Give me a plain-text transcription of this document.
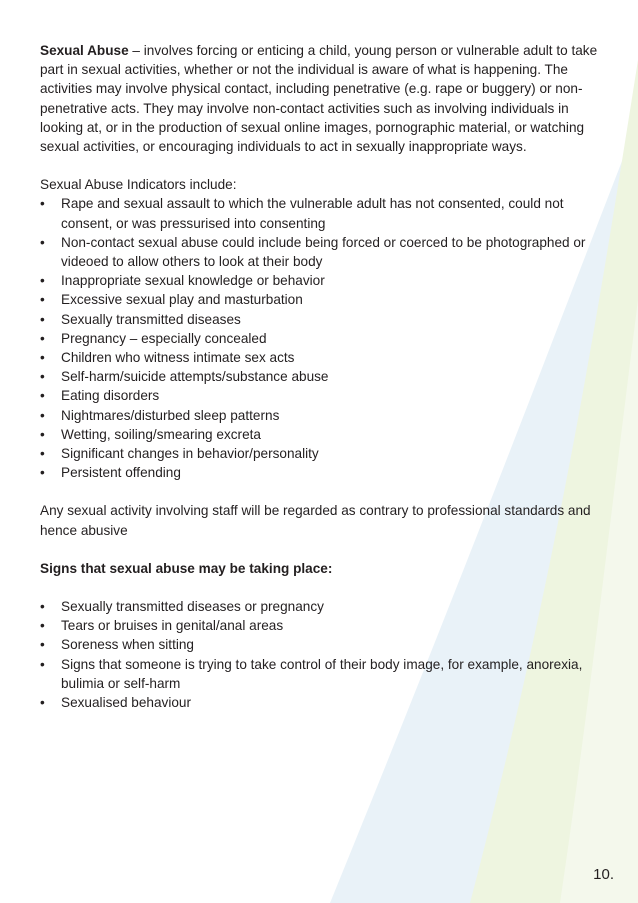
Sexual Abuse – involves forcing or enticing a child, young person or vulnerable adult to take part in sexual activities, whether or not the individual is aware of what is happening. The activities may involve physical contact, including penetrative (e.g. rape or buggery) or non-penetrative acts. They may involve non-contact activities such as involving individuals in looking at, or in the production of sexual online images, pornographic material, or watching sexual activities, or encouraging individuals to act in sexually inappropriate ways.

Sexual Abuse Indicators include:

•	Rape and sexual assault to which the vulnerable adult has not consented, could not consent, or was pressurised into consenting
•	Non-contact sexual abuse could include being forced or coerced to be photographed or videoed to allow others to look at their body
•	Inappropriate sexual knowledge or behavior
•	Excessive sexual play and masturbation
•	Sexually transmitted diseases
•	Pregnancy – especially concealed
•	Children who witness intimate sex acts
•	Self-harm/suicide attempts/substance abuse
•	Eating disorders
•	Nightmares/disturbed sleep patterns
•	Wetting, soiling/smearing excreta
•	Significant changes in behavior/personality
•	Persistent offending

Any sexual activity involving staff will be regarded as contrary to professional standards and hence abusive

Signs that sexual abuse may be taking place:

•	Sexually transmitted diseases or pregnancy
•	Tears or bruises in genital/anal areas
•	Soreness when sitting
•	Signs that someone is trying to take control of their body image, for example, anorexia, bulimia or self-harm
•	Sexualised behaviour
10.
